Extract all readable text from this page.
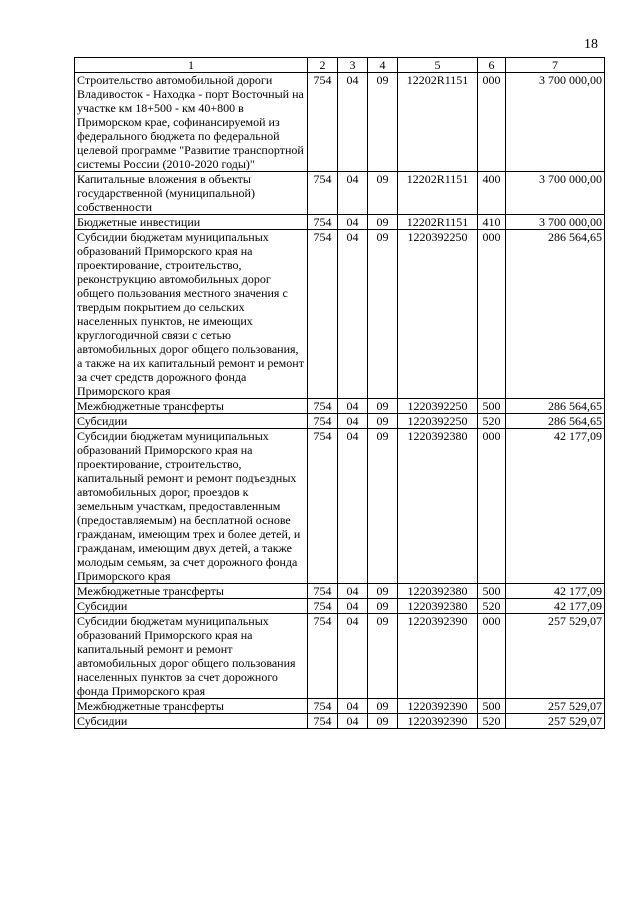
18
1	2	3	4	5	6	7
Строительство автомобильной дороги Владивосток - Находка - порт Восточный на участке км 18+500 - км 40+800 в Приморском крае, софинансируемой из федерального бюджета по федеральной целевой программе "Развитие транспортной системы России (2010-2020 годы)"	754	04	09	12202R1151	000	3 700 000,00
Капитальные вложения в объекты государственной (муниципальной) собственности	754	04	09	12202R1151	400	3 700 000,00
Бюджетные инвестиции	754	04	09	12202R1151	410	3 700 000,00
Субсидии бюджетам муниципальных образований Приморского края на проектирование, строительство, реконструкцию автомобильных дорог общего пользования местного значения с твердым покрытием до сельских населенных пунктов, не имеющих круглогодичной связи с сетью автомобильных дорог общего пользования, а также на их капитальный ремонт и ремонт за счет средств дорожного фонда Приморского края	754	04	09	1220392250	000	286 564,65
Межбюджетные трансферты	754	04	09	1220392250	500	286 564,65
Субсидии	754	04	09	1220392250	520	286 564,65
Субсидии бюджетам муниципальных образований Приморского края на проектирование, строительство, капитальный ремонт и ремонт подъездных автомобильных дорог, проездов к земельным участкам, предоставленным (предоставляемым) на бесплатной основе гражданам, имеющим трех и более детей, и гражданам, имеющим двух детей, а также молодым семьям, за счет дорожного фонда Приморского края	754	04	09	1220392380	000	42 177,09
Межбюджетные трансферты	754	04	09	1220392380	500	42 177,09
Субсидии	754	04	09	1220392380	520	42 177,09
Субсидии бюджетам муниципальных образований Приморского края на капитальный ремонт и ремонт автомобильных дорог общего пользования населенных пунктов за счет дорожного фонда Приморского края	754	04	09	1220392390	000	257 529,07
Межбюджетные трансферты	754	04	09	1220392390	500	257 529,07
Субсидии	754	04	09	1220392390	520	257 529,07
